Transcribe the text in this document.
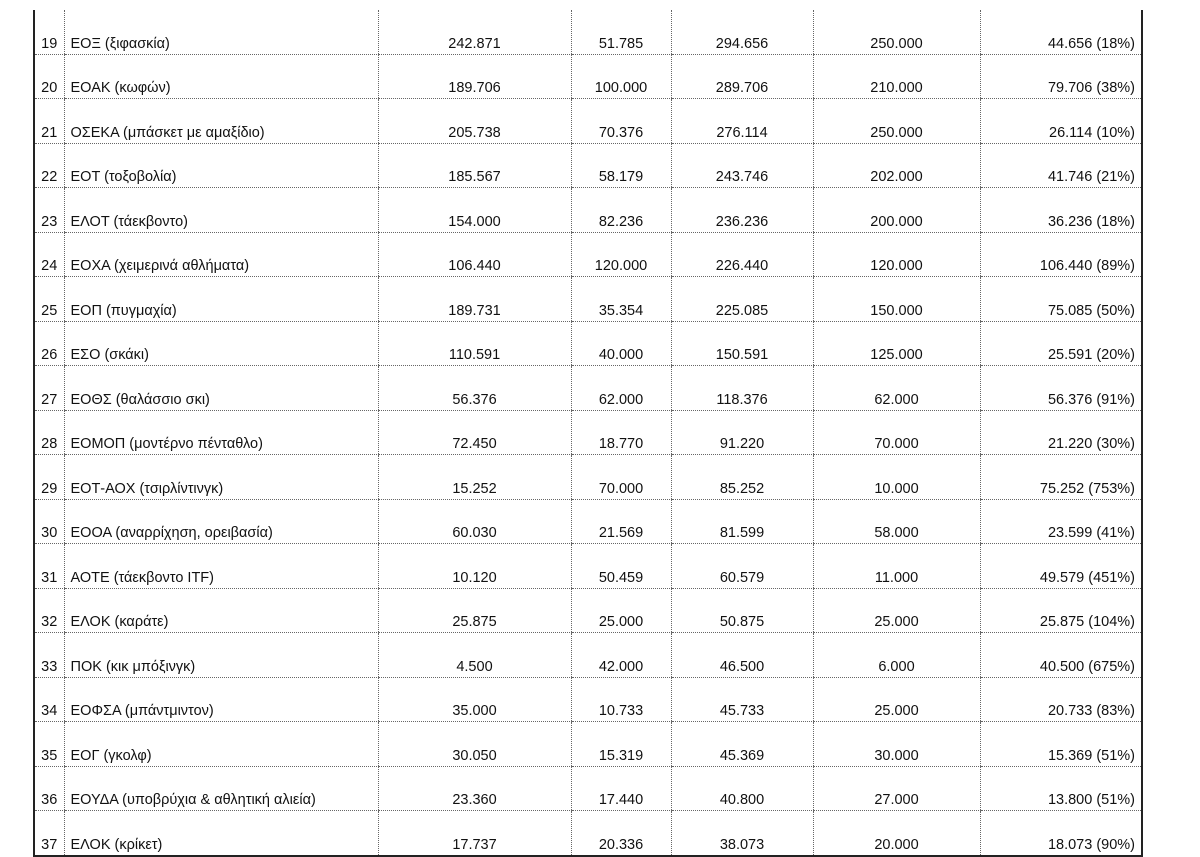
19	ΕΟΞ (ξιφασκία)	242.871	51.785	294.656	250.000	44.656 (18%)
20	ΕΟΑΚ (κωφών)	189.706	100.000	289.706	210.000	79.706 (38%)
21	ΟΣΕΚΑ (μπάσκετ με αμαξίδιο)	205.738	70.376	276.114	250.000	26.114 (10%)
22	ΕΟΤ (τοξοβολία)	185.567	58.179	243.746	202.000	41.746 (21%)
23	ΕΛΟΤ (τάεκβοντο)	154.000	82.236	236.236	200.000	36.236 (18%)
24	ΕΟΧΑ (χειμερινά αθλήματα)	106.440	120.000	226.440	120.000	106.440 (89%)
25	ΕΟΠ (πυγμαχία)	189.731	35.354	225.085	150.000	75.085 (50%)
26	ΕΣΟ (σκάκι)	110.591	40.000	150.591	125.000	25.591 (20%)
27	ΕΟΘΣ (θαλάσσιο σκι)	56.376	62.000	118.376	62.000	56.376 (91%)
28	ΕΟΜΟΠ (μοντέρνο πένταθλο)	72.450	18.770	91.220	70.000	21.220 (30%)
29	ΕΟΤ-ΑΟΧ (τσιρλίντινγκ)	15.252	70.000	85.252	10.000	75.252 (753%)
30	ΕΟΟΑ (αναρρίχηση, ορειβασία)	60.030	21.569	81.599	58.000	23.599 (41%)
31	ΑΟΤΕ (τάεκβοντο ITF)	10.120	50.459	60.579	11.000	49.579 (451%)
32	ΕΛΟΚ (καράτε)	25.875	25.000	50.875	25.000	25.875 (104%)
33	ΠΟΚ (κικ μπόξινγκ)	4.500	42.000	46.500	6.000	40.500 (675%)
34	ΕΟΦΣΑ (μπάντμιντον)	35.000	10.733	45.733	25.000	20.733 (83%)
35	ΕΟΓ (γκολφ)	30.050	15.319	45.369	30.000	15.369 (51%)
36	ΕΟΥΔΑ (υποβρύχια & αθλητική αλιεία)	23.360	17.440	40.800	27.000	13.800 (51%)
37	ΕΛΟΚ (κρίκετ)	17.737	20.336	38.073	20.000	18.073 (90%)
